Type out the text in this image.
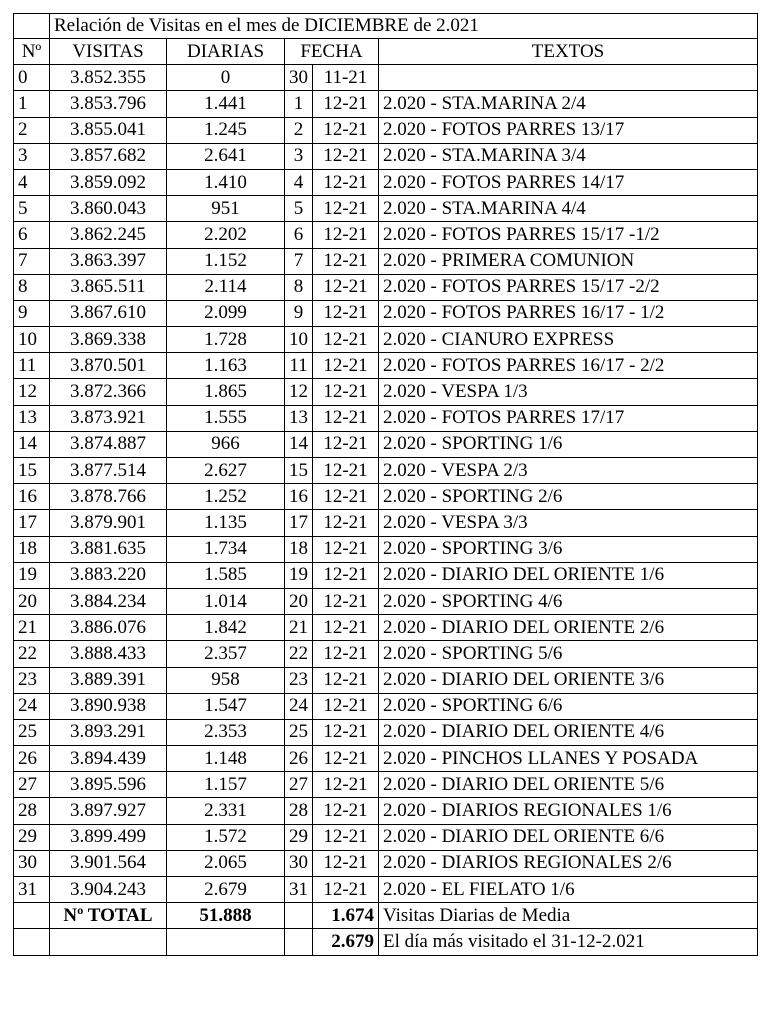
	Relación de Visitas en el mes de DICIEMBRE de 2.021				
Nº	VISITAS	DIARIAS	FECHA		TEXTOS
0	3.852.355	0	30	11-21	
1	3.853.796	1.441	1	12-21	2.020 - STA.MARINA 2/4
2	3.855.041	1.245	2	12-21	2.020 - FOTOS PARRES 13/17
3	3.857.682	2.641	3	12-21	2.020 - STA.MARINA 3/4
4	3.859.092	1.410	4	12-21	2.020 - FOTOS PARRES 14/17
5	3.860.043	951	5	12-21	2.020 - STA.MARINA 4/4
6	3.862.245	2.202	6	12-21	2.020 - FOTOS PARRES 15/17 -1/2
7	3.863.397	1.152	7	12-21	2.020 - PRIMERA COMUNION
8	3.865.511	2.114	8	12-21	2.020 - FOTOS PARRES 15/17 -2/2
9	3.867.610	2.099	9	12-21	2.020 - FOTOS PARRES 16/17 - 1/2
10	3.869.338	1.728	10	12-21	2.020 - CIANURO EXPRESS
11	3.870.501	1.163	11	12-21	2.020 - FOTOS PARRES 16/17 - 2/2
12	3.872.366	1.865	12	12-21	2.020 - VESPA 1/3
13	3.873.921	1.555	13	12-21	2.020 - FOTOS PARRES 17/17
14	3.874.887	966	14	12-21	2.020 - SPORTING 1/6
15	3.877.514	2.627	15	12-21	2.020 - VESPA 2/3
16	3.878.766	1.252	16	12-21	2.020 - SPORTING 2/6
17	3.879.901	1.135	17	12-21	2.020 - VESPA 3/3
18	3.881.635	1.734	18	12-21	2.020 - SPORTING 3/6
19	3.883.220	1.585	19	12-21	2.020 - DIARIO DEL ORIENTE 1/6
20	3.884.234	1.014	20	12-21	2.020 - SPORTING 4/6
21	3.886.076	1.842	21	12-21	2.020 - DIARIO DEL ORIENTE 2/6
22	3.888.433	2.357	22	12-21	2.020 - SPORTING 5/6
23	3.889.391	958	23	12-21	2.020 - DIARIO DEL ORIENTE 3/6
24	3.890.938	1.547	24	12-21	2.020 - SPORTING 6/6
25	3.893.291	2.353	25	12-21	2.020 - DIARIO DEL ORIENTE 4/6
26	3.894.439	1.148	26	12-21	2.020 - PINCHOS LLANES Y POSADA
27	3.895.596	1.157	27	12-21	2.020 - DIARIO DEL ORIENTE 5/6
28	3.897.927	2.331	28	12-21	2.020 - DIARIOS REGIONALES 1/6
29	3.899.499	1.572	29	12-21	2.020 - DIARIO DEL ORIENTE 6/6
30	3.901.564	2.065	30	12-21	2.020 - DIARIOS REGIONALES 2/6
31	3.904.243	2.679	31	12-21	2.020 - EL FIELATO 1/6
	Nº TOTAL	51.888		1.674	Visitas Diarias de Media
				2.679	El día más visitado el 31-12-2.021
